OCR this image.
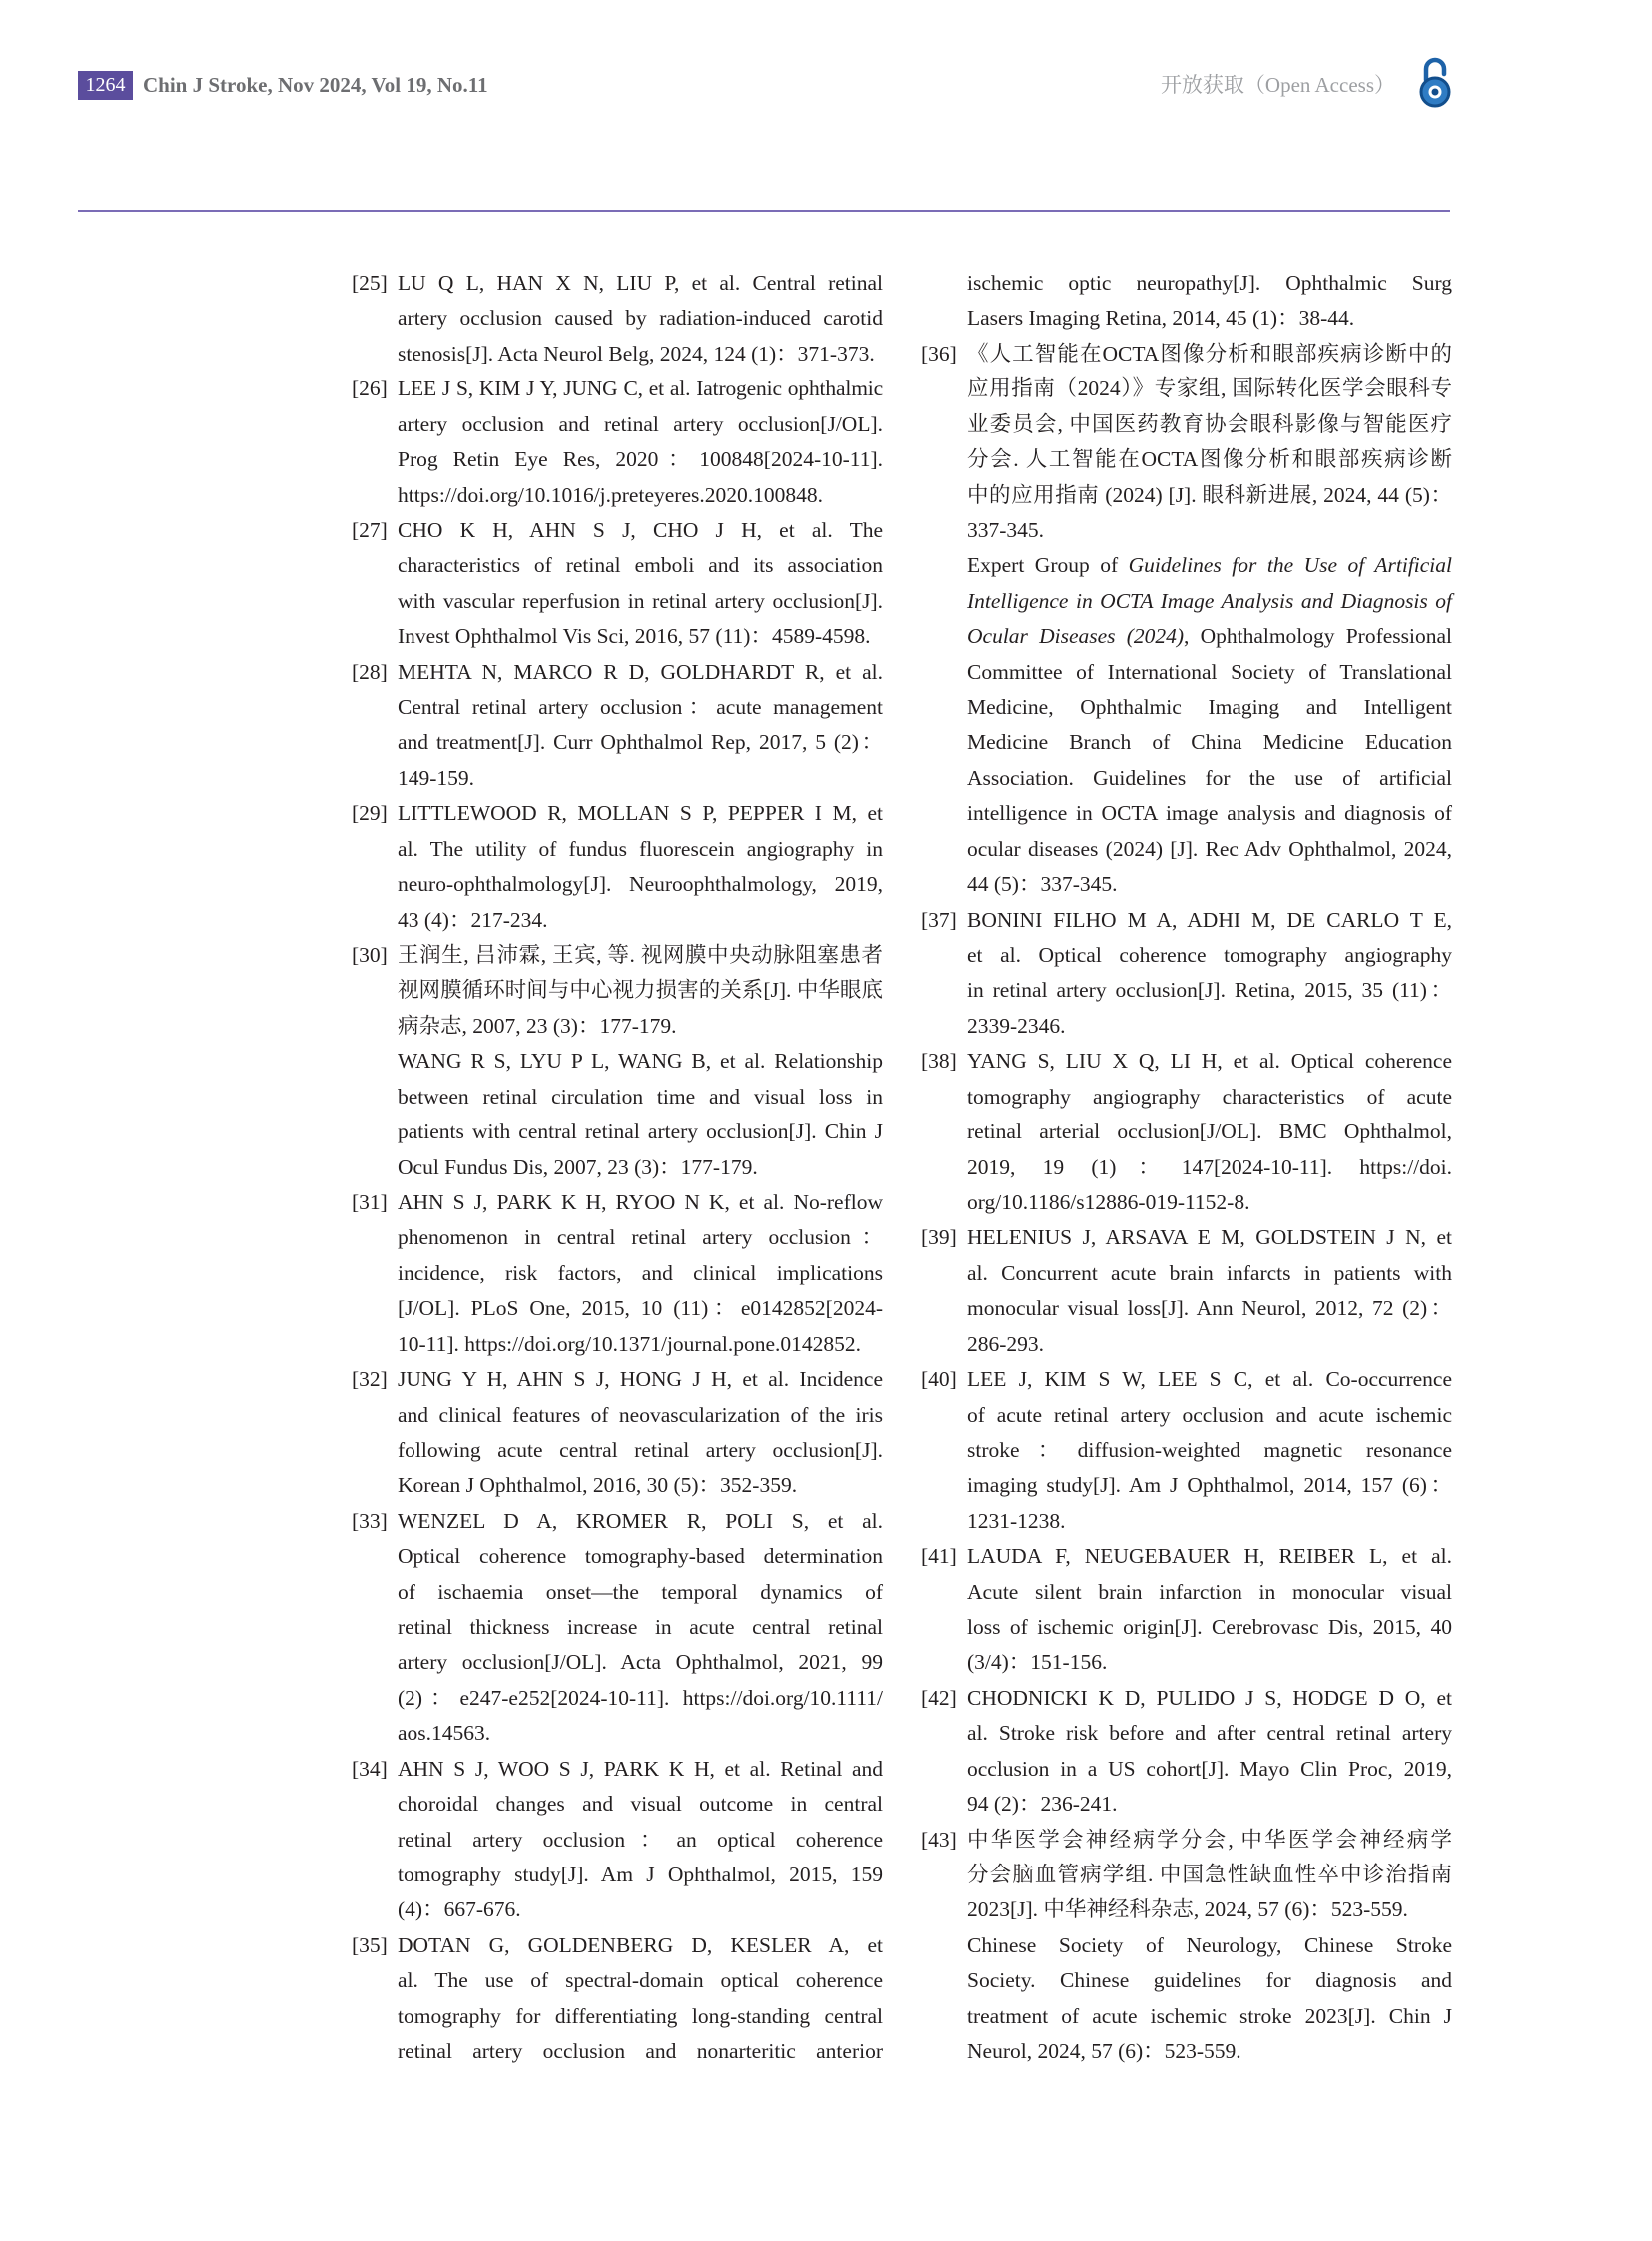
1264 Chin J Stroke, Nov 2024, Vol 19, No.11	开放获取（Open Access）
[25] LU Q L, HAN X N, LIU P, et al. Central retinal
artery occlusion caused by radiation-induced carotid
stenosis[J]. Acta Neurol Belg, 2024, 124 (1)：371-373.
[26] LEE J S, KIM J Y, JUNG C, et al. Iatrogenic ophthalmic
artery occlusion and retinal artery occlusion[J/OL].
Prog Retin Eye Res, 2020：100848[2024-10-11].
https://doi.org/10.1016/j.preteyeres.2020.100848.
[27] CHO K H, AHN S J, CHO J H, et al. The
characteristics of retinal emboli and its association
with vascular reperfusion in retinal artery occlusion[J].
Invest Ophthalmol Vis Sci, 2016, 57 (11)：4589-4598.
[28] MEHTA N, MARCO R D, GOLDHARDT R, et al.
Central retinal artery occlusion：acute management
and treatment[J]. Curr Ophthalmol Rep, 2017, 5 (2)：
149-159.
[29] LITTLEWOOD R, MOLLAN S P, PEPPER I M, et
al. The utility of fundus fluorescein angiography in
neuro-ophthalmology[J]. Neuroophthalmology, 2019,
43 (4)：217-234.
[30] 王润生, 吕沛霖, 王宾, 等. 视网膜中央动脉阻塞患者
视网膜循环时间与中心视力损害的关系[J]. 中华眼底
病杂志, 2007, 23 (3)：177-179.
WANG R S, LYU P L, WANG B, et al. Relationship
between retinal circulation time and visual loss in
patients with central retinal artery occlusion[J]. Chin J
Ocul Fundus Dis, 2007, 23 (3)：177-179.
[31] AHN S J, PARK K H, RYOO N K, et al. No-reflow
phenomenon in central retinal artery occlusion：
incidence, risk factors, and clinical implications
[J/OL]. PLoS One, 2015, 10 (11)：e0142852[2024-
10-11]. https://doi.org/10.1371/journal.pone.0142852.
[32] JUNG Y H, AHN S J, HONG J H, et al. Incidence
and clinical features of neovascularization of the iris
following acute central retinal artery occlusion[J].
Korean J Ophthalmol, 2016, 30 (5)：352-359.
[33] WENZEL D A, KROMER R, POLI S, et al.
Optical coherence tomography-based determination
of ischaemia onset—the temporal dynamics of
retinal thickness increase in acute central retinal
artery occlusion[J/OL]. Acta Ophthalmol, 2021, 99
(2)：e247-e252[2024-10-11]. https://doi.org/10.1111/
aos.14563.
[34] AHN S J, WOO S J, PARK K H, et al. Retinal and
choroidal changes and visual outcome in central
retinal artery occlusion：an optical coherence
tomography study[J]. Am J Ophthalmol, 2015, 159
(4)：667-676.
[35] DOTAN G, GOLDENBERG D, KESLER A, et
al. The use of spectral-domain optical coherence
tomography for differentiating long-standing central
retinal artery occlusion and nonarteritic anterior
ischemic optic neuropathy[J]. Ophthalmic Surg
Lasers Imaging Retina, 2014, 45 (1)：38-44.
[36] 《人工智能在OCTA图像分析和眼部疾病诊断中的
应用指南（2024）》专家组, 国际转化医学会眼科专
业委员会, 中国医药教育协会眼科影像与智能医疗
分会. 人工智能在OCTA图像分析和眼部疾病诊断
中的应用指南 (2024) [J]. 眼科新进展, 2024, 44 (5)：
337-345.
Expert Group of Guidelines for the Use of Artificial
Intelligence in OCTA Image Analysis and Diagnosis of
Ocular Diseases (2024), Ophthalmology Professional
Committee of International Society of Translational
Medicine, Ophthalmic Imaging and Intelligent
Medicine Branch of China Medicine Education
Association. Guidelines for the use of artificial
intelligence in OCTA image analysis and diagnosis of
ocular diseases (2024) [J]. Rec Adv Ophthalmol, 2024,
44 (5)：337-345.
[37] BONINI FILHO M A, ADHI M, DE CARLO T E,
et al. Optical coherence tomography angiography
in retinal artery occlusion[J]. Retina, 2015, 35 (11)：
2339-2346.
[38] YANG S, LIU X Q, LI H, et al. Optical coherence
tomography angiography characteristics of acute
retinal arterial occlusion[J/OL]. BMC Ophthalmol,
2019, 19 (1)：147[2024-10-11]. https://doi.
org/10.1186/s12886-019-1152-8.
[39] HELENIUS J, ARSAVA E M, GOLDSTEIN J N, et
al. Concurrent acute brain infarcts in patients with
monocular visual loss[J]. Ann Neurol, 2012, 72 (2)：
286-293.
[40] LEE J, KIM S W, LEE S C, et al. Co-occurrence
of acute retinal artery occlusion and acute ischemic
stroke：diffusion-weighted magnetic resonance
imaging study[J]. Am J Ophthalmol, 2014, 157 (6)：
1231-1238.
[41] LAUDA F, NEUGEBAUER H, REIBER L, et al.
Acute silent brain infarction in monocular visual
loss of ischemic origin[J]. Cerebrovasc Dis, 2015, 40
(3/4)：151-156.
[42] CHODNICKI K D, PULIDO J S, HODGE D O, et
al. Stroke risk before and after central retinal artery
occlusion in a US cohort[J]. Mayo Clin Proc, 2019,
94 (2)：236-241.
[43] 中华医学会神经病学分会, 中华医学会神经病学
分会脑血管病学组. 中国急性缺血性卒中诊治指南
2023[J]. 中华神经科杂志, 2024, 57 (6)：523-559.
Chinese Society of Neurology, Chinese Stroke
Society. Chinese guidelines for diagnosis and
treatment of acute ischemic stroke 2023[J]. Chin J
Neurol, 2024, 57 (6)：523-559.
